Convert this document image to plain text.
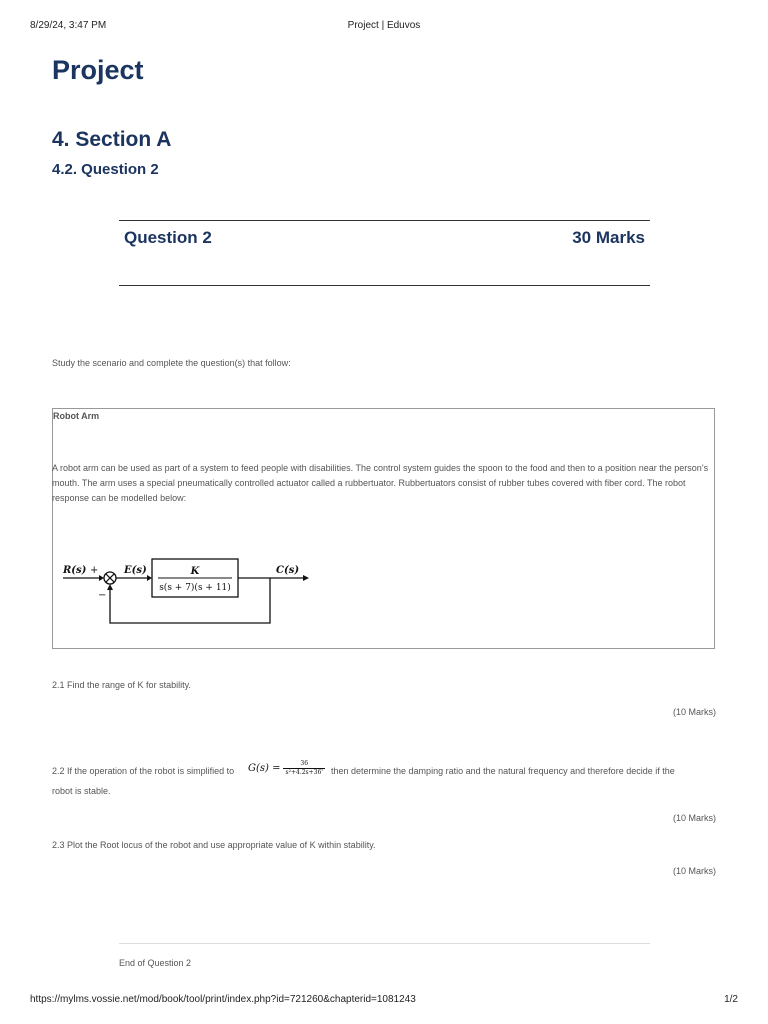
8/29/24, 3:47 PM	Project | Eduvos
Project
4. Section A
4.2. Question 2
Question 2	30 Marks
Study the scenario and complete the question(s) that follow:
Robot Arm
A robot arm can be used as part of a system to feed people with disabilities. The control system guides the spoon to the food and then to a position near the person’s mouth. The arm uses a special pneumatically controlled actuator called a rubbertuator. Rubbertuators consist of rubber tubes covered with fiber cord. The robot response can be modelled below:
R(s) +	E(s)	K
s(s + 7)(s + 11)
C(s)
−
2.1 Find the range of K for stability.
(10 Marks)
2.2 If the operation of the robot is simplified to $G(s) = \frac{36}{\text{s²+4.2s+36'}}$ then determine the damping ratio and the natural frequency and therefore decide if the
robot is stable.
(10 Marks)
2.3 Plot the Root locus of the robot and use appropriate value of K within stability.
(10 Marks)
End of Question 2
https://mylms.vossie.net/mod/book/tool/print/index.php?id=721260&chapterid=1081243	1/2
